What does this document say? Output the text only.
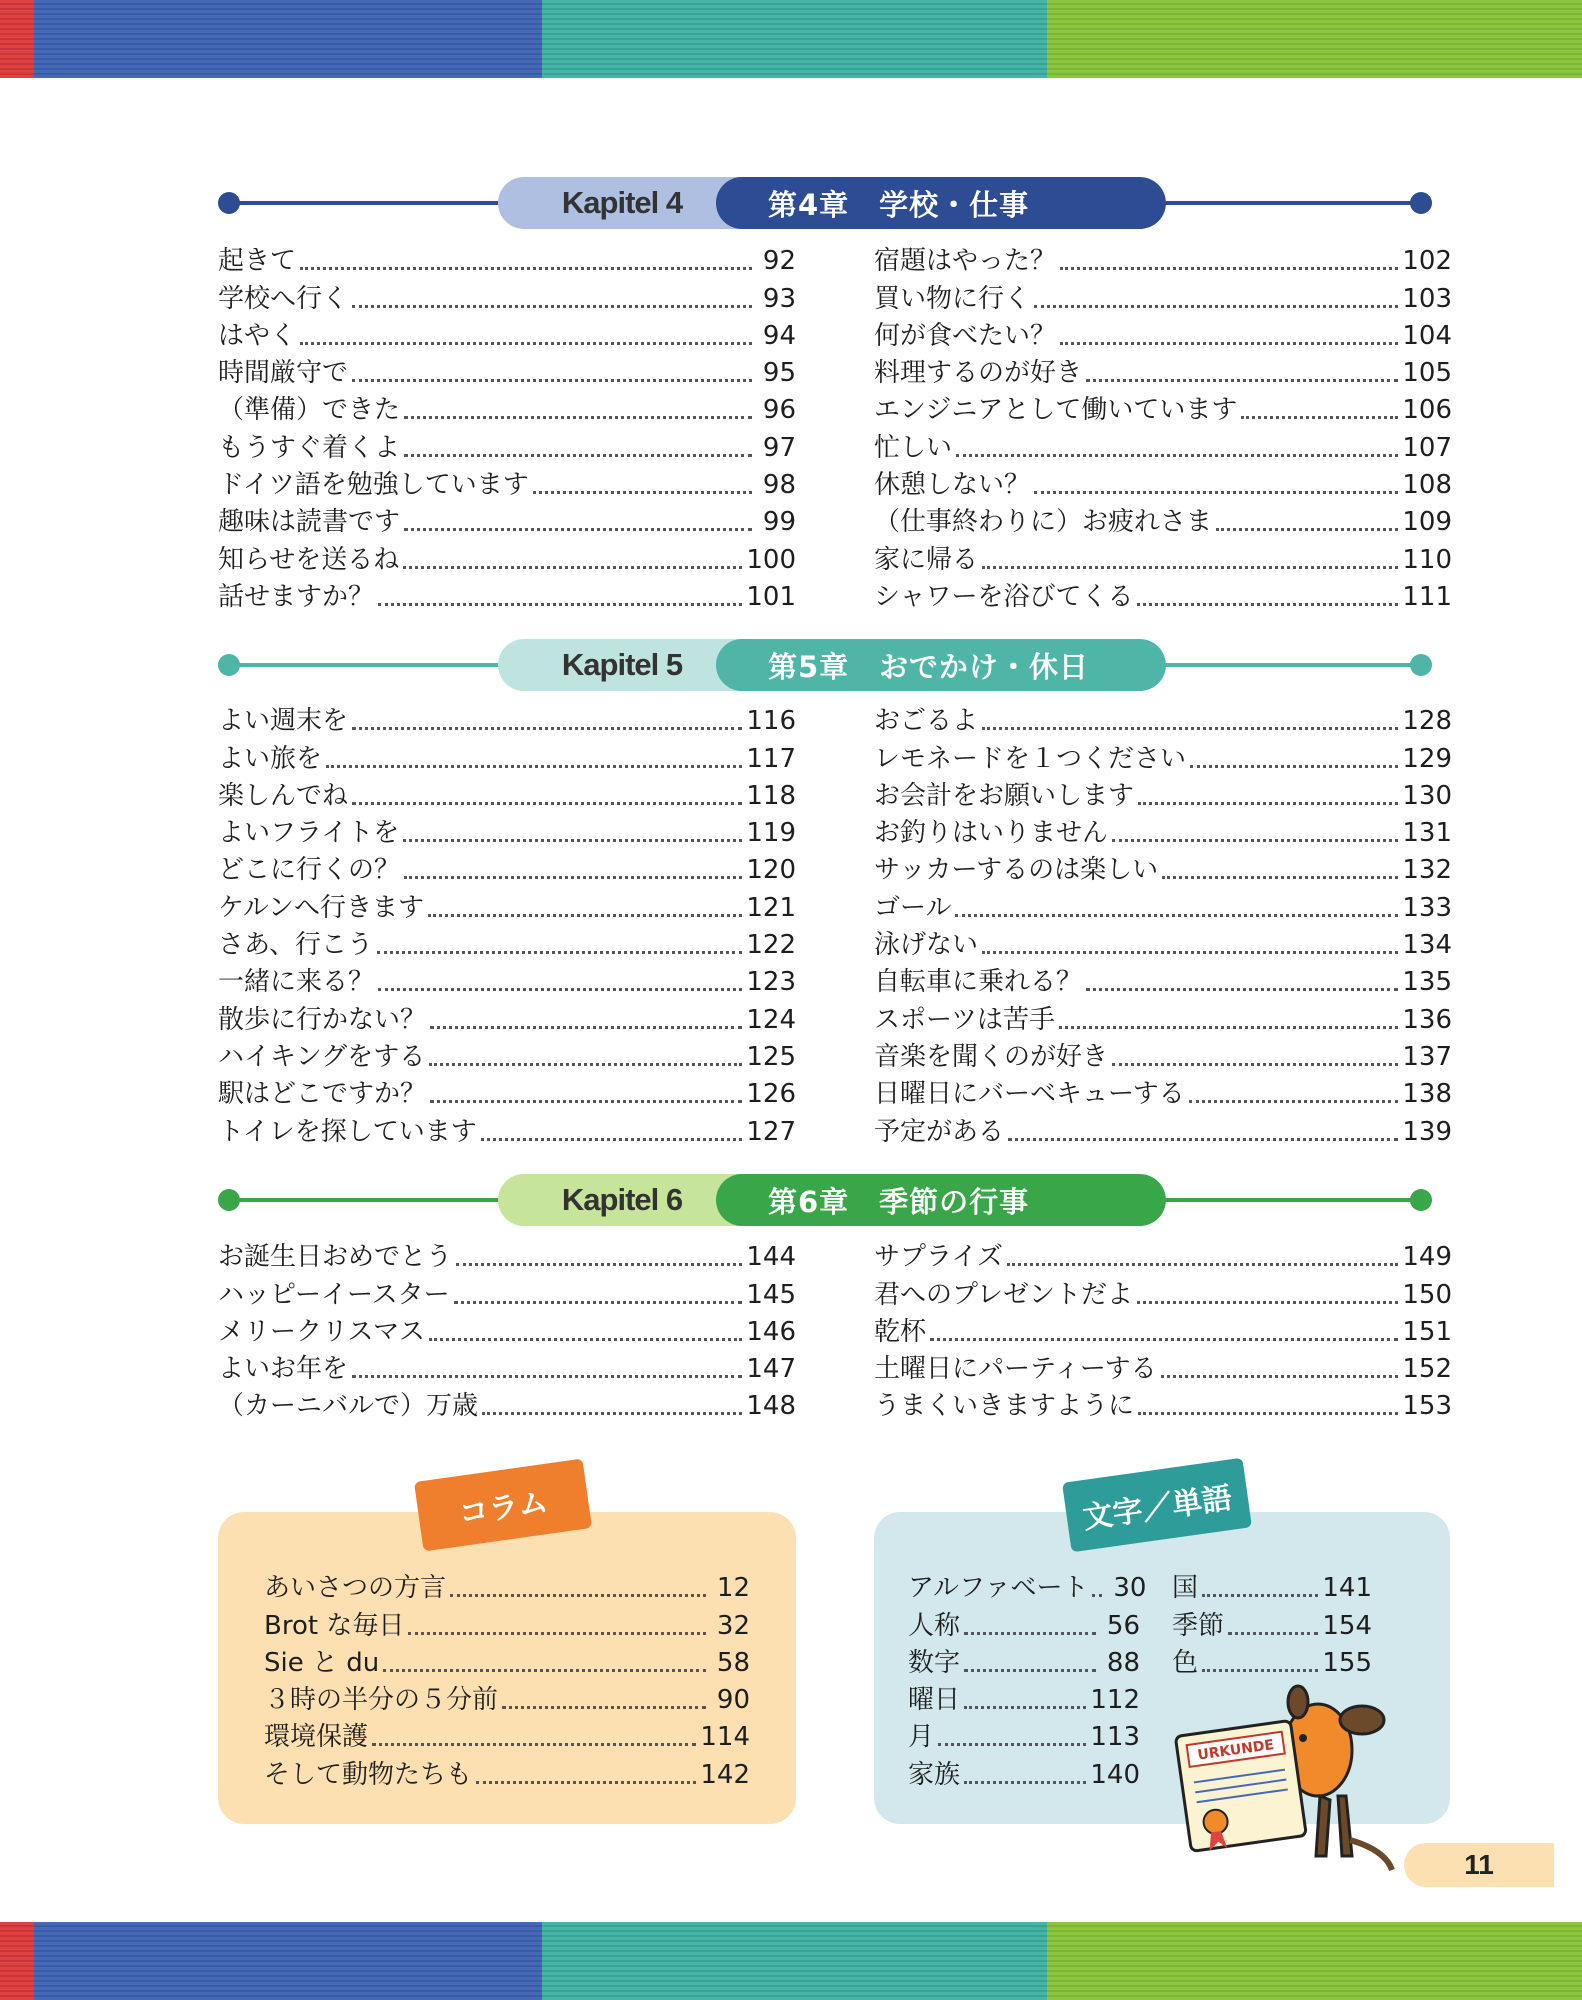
Kapitel 4	第4章　学校・仕事
起きて	92
学校へ行く	93
はやく	94
時間厳守で	95
（準備）できた	96
もうすぐ着くよ	97
ドイツ語を勉強しています	98
趣味は読書です	99
知らせを送るね	100
話せますか？	101
宿題はやった？	102
買い物に行く	103
何が食べたい？	104
料理するのが好き	105
エンジニアとして働いています	106
忙しい	107
休憩しない？	108
（仕事終わりに）お疲れさま	109
家に帰る	110
シャワーを浴びてくる	111
Kapitel 5	第5章　おでかけ・休日
よい週末を	116
よい旅を	117
楽しんでね	118
よいフライトを	119
どこに行くの？	120
ケルンへ行きます	121
さあ、行こう	122
一緒に来る？	123
散歩に行かない？	124
ハイキングをする	125
駅はどこですか？	126
トイレを探しています	127
おごるよ	128
レモネードを１つください	129
お会計をお願いします	130
お釣りはいりません	131
サッカーするのは楽しい	132
ゴール	133
泳げない	134
自転車に乗れる？	135
スポーツは苦手	136
音楽を聞くのが好き	137
日曜日にバーベキューする	138
予定がある	139
Kapitel 6	第6章　季節の行事
お誕生日おめでとう	144
ハッピーイースター	145
メリークリスマス	146
よいお年を	147
（カーニバルで）万歳	148
サプライズ	149
君へのプレゼントだよ	150
乾杯	151
土曜日にパーティーする	152
うまくいきますように	153
コラム
あいさつの方言	12
Brot な毎日	32
Sie と du	58
３時の半分の５分前	90
環境保護	114
そして動物たちも	142
文字／単語
アルファベート 30
人称	56
数字	88
曜日	112
月	113
家族	140
国	141
季節	154
色	155
URKUNDE
11
